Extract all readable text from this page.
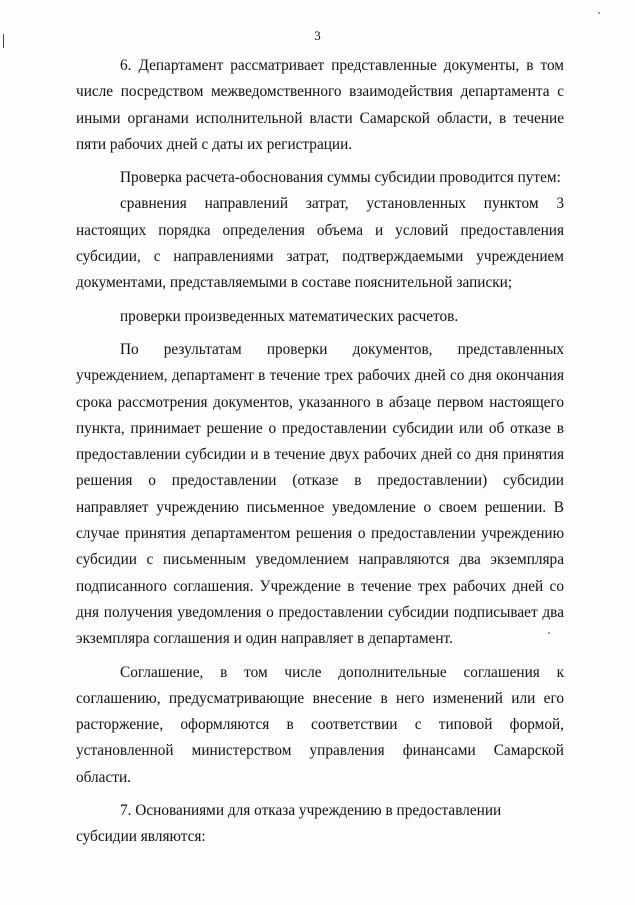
3

6. Департамент рассматривает представленные документы, в том числе посредством межведомственного взаимодействия департамента с иными органами исполнительной власти Самарской области, в течение пяти рабочих дней с даты их регистрации.

Проверка расчета-обоснования суммы субсидии проводится путем:

сравнения направлений затрат, установленных пунктом 3 настоящих порядка определения объема и условий предоставления субсидии, с направлениями затрат, подтверждаемыми учреждением документами, представляемыми в составе пояснительной записки;

проверки произведенных математических расчетов.

По результатам проверки документов, представленных учреждением, департамент в течение трех рабочих дней со дня окончания срока рассмотрения документов, указанного в абзаце первом настоящего пункта, принимает решение о предоставлении субсидии или об отказе в предоставлении субсидии и в течение двух рабочих дней со дня принятия решения о предоставлении (отказе в предоставлении) субсидии направляет учреждению письменное уведомление о своем решении. В случае принятия департаментом решения о предоставлении учреждению субсидии с письменным уведомлением направляются два экземпляра подписанного соглашения. Учреждение в течение трех рабочих дней со дня получения уведомления о предоставлении субсидии подписывает два экземпляра соглашения и один направляет в департамент.

Соглашение, в том числе дополнительные соглашения к соглашению, предусматривающие внесение в него изменений или его расторжение, оформляются в соответствии с типовой формой, установленной министерством управления финансами Самарской области.

7. Основаниями для отказа учреждению в предоставлении субсидии являются:
